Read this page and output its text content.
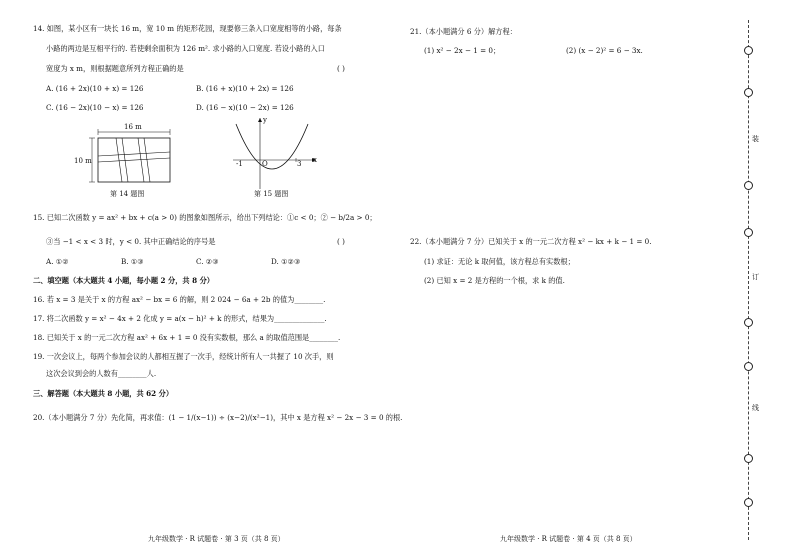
14. 如图，某小区有一块长 16 m，宽 10 m 的矩形花园，现要修三条入口宽度相等的小路，每条
小路的两边是互相平行的. 若使剩余面积为 126 m². 求小路的入口宽度. 若设小路的入口
宽度为 x m，则根据题意所列方程正确的是	( )
A. (16 + 2x)(10 + x) = 126	B. (16 + x)(10 + 2x) = 126
C. (16 − 2x)(10 − x) = 126	D. (16 − x)(10 − 2x) = 126
16 m
10 m
第 14 题图
y
x
-1	O	3
第 15 题图
15. 已知二次函数 y = ax² + bx + c(a > 0) 的图象如图所示，给出下列结论：①c < 0；② − b/2a > 0；
③当 −1 < x < 3 时，y < 0. 其中正确结论的序号是	( )
A. ①②	B. ①③	C. ②③	D. ①②③
二、填空题（本大题共 4 小题，每小题 2 分，共 8 分）
16. 若 x = 3 是关于 x 的方程 ax² − bx = 6 的解，则 2 024 − 6a + 2b 的值为________.
17. 将二次函数 y = x² − 4x + 2 化成 y = a(x − h)² + k 的形式，结果为______________.
18. 已知关于 x 的一元二次方程 ax² + 6x + 1 = 0 没有实数根，那么 a 的取值范围是________.
19. 一次会议上，每两个参加会议的人都相互握了一次手，经统计所有人一共握了 10 次手，则
这次会议到会的人数有________人.
三、解答题（本大题共 8 小题，共 62 分）
20.（本小题满分 7 分）先化简，再求值：(1 − 1/(x−1)) ÷ (x−2)/(x²−1)，其中 x 是方程 x² − 2x − 3 = 0 的根.
九年级数学 · R 试题卷 · 第 3 页（共 8 页）
21.（本小题满分 6 分）解方程：
(1) x² − 2x − 1 = 0；	(2) (x − 2)² = 6 − 3x.
22.（本小题满分 7 分）已知关于 x 的一元二次方程 x² − kx + k − 1 = 0.
(1) 求证：无论 k 取何值，该方程总有实数根；
(2) 已知 x = 2 是方程的一个根，求 k 的值.
九年级数学 · R 试题卷 · 第 4 页（共 8 页）
装
订
线
